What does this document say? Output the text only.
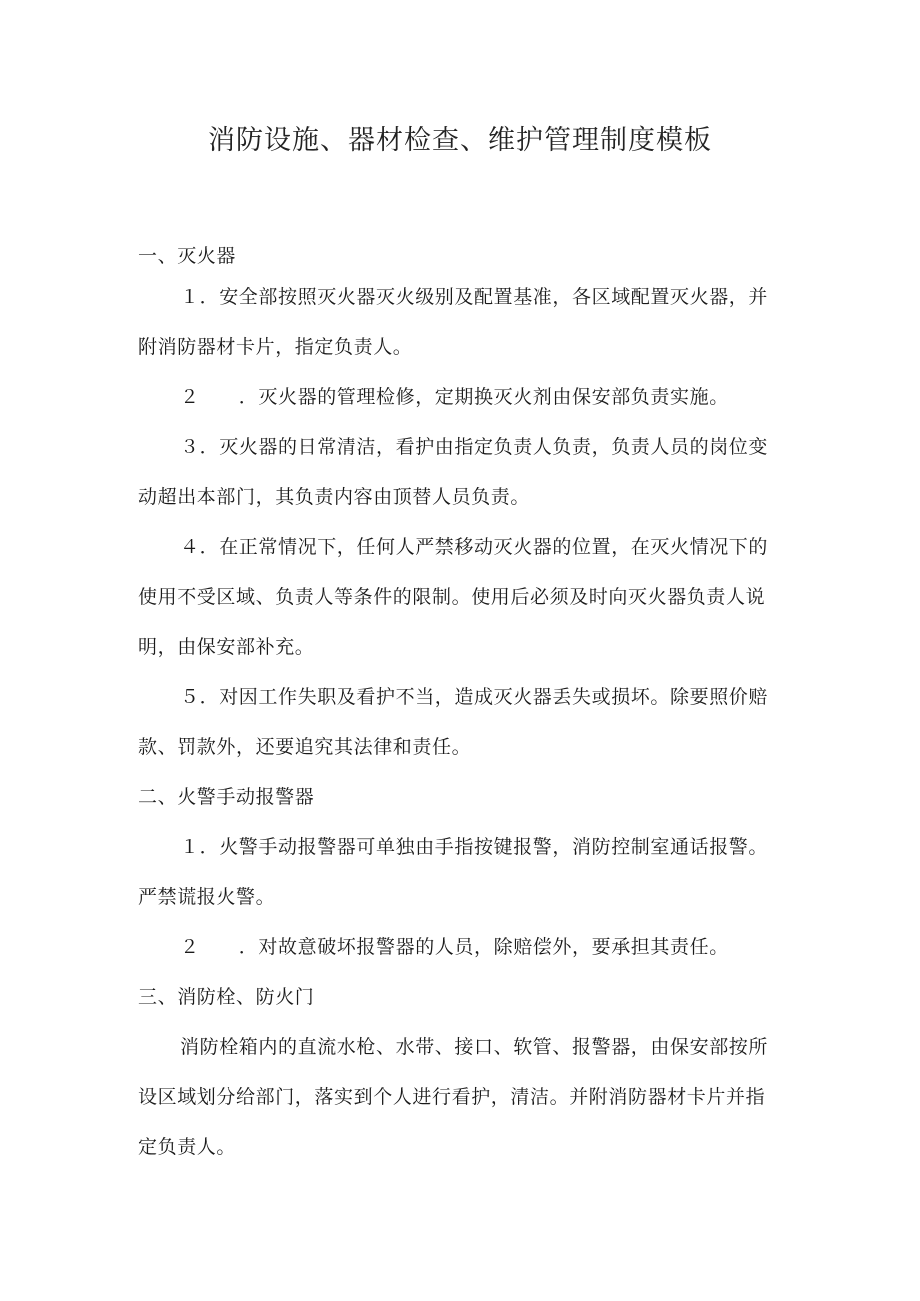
消防设施、器材检查、维护管理制度模板
一、灭火器
１．安全部按照灭火器灭火级别及配置基准，各区域配置灭火器，并
附消防器材卡片，指定负责人。
２　　．灭火器的管理检修，定期换灭火剂由保安部负责实施。
３．灭火器的日常清洁，看护由指定负责人负责，负责人员的岗位变
动超出本部门，其负责内容由顶替人员负责。
４．在正常情况下，任何人严禁移动灭火器的位置，在灭火情况下的
使用不受区域、负责人等条件的限制。使用后必须及时向灭火器负责人说
明，由保安部补充。
５．对因工作失职及看护不当，造成灭火器丢失或损坏。除要照价赔
款、罚款外，还要追究其法律和责任。
二、火警手动报警器
１．火警手动报警器可单独由手指按键报警，消防控制室通话报警。
严禁谎报火警。
２　　．对故意破坏报警器的人员，除赔偿外，要承担其责任。
三、消防栓、防火门
消防栓箱内的直流水枪、水带、接口、软管、报警器，由保安部按所
设区域划分给部门，落实到个人进行看护，清洁。并附消防器材卡片并指
定负责人。
